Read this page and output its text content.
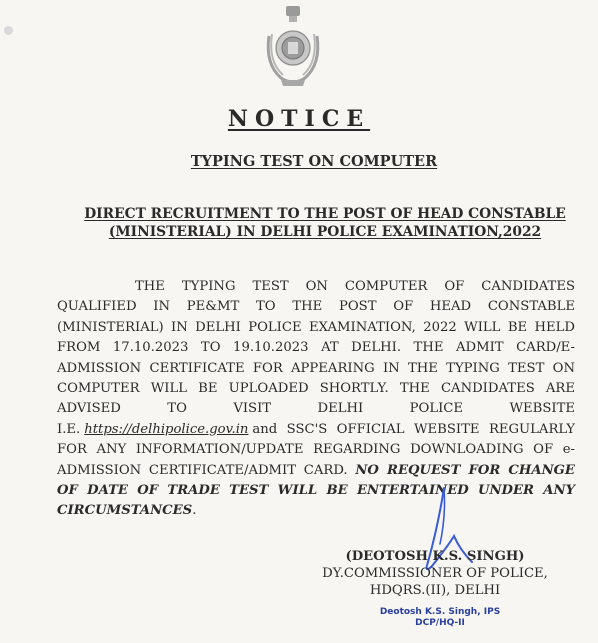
NOTICE
TYPING TEST ON COMPUTER
DIRECT RECRUITMENT TO THE POST OF HEAD CONSTABLE
(MINISTERIAL) IN DELHI POLICE EXAMINATION,2022
THE TYPING TEST ON COMPUTER OF CANDIDATES QUALIFIED IN PE&MT TO THE POST OF HEAD CONSTABLE (MINISTERIAL) IN DELHI POLICE EXAMINATION, 2022 WILL BE HELD FROM 17.10.2023 TO 19.10.2023 AT DELHI. THE ADMIT CARD/E-ADMISSION CERTIFICATE FOR APPEARING IN THE TYPING TEST ON COMPUTER WILL BE UPLOADED SHORTLY. THE CANDIDATES ARE ADVISED TO VISIT DELHI POLICE WEBSITE I.E. https://delhipolice.gov.in and SSC'S OFFICIAL WEBSITE REGULARLY FOR ANY INFORMATION/UPDATE REGARDING DOWNLOADING OF e-ADMISSION CERTIFICATE/ADMIT CARD. NO REQUEST FOR CHANGE OF DATE OF TRADE TEST WILL BE ENTERTAINED UNDER ANY CIRCUMSTANCES.
(DEOTOSH K.S. SINGH)
DY.COMMISSIONER OF POLICE,
HDQRS.(II), DELHI
Deotosh K.S. Singh, IPS
DCP/HQ-II
